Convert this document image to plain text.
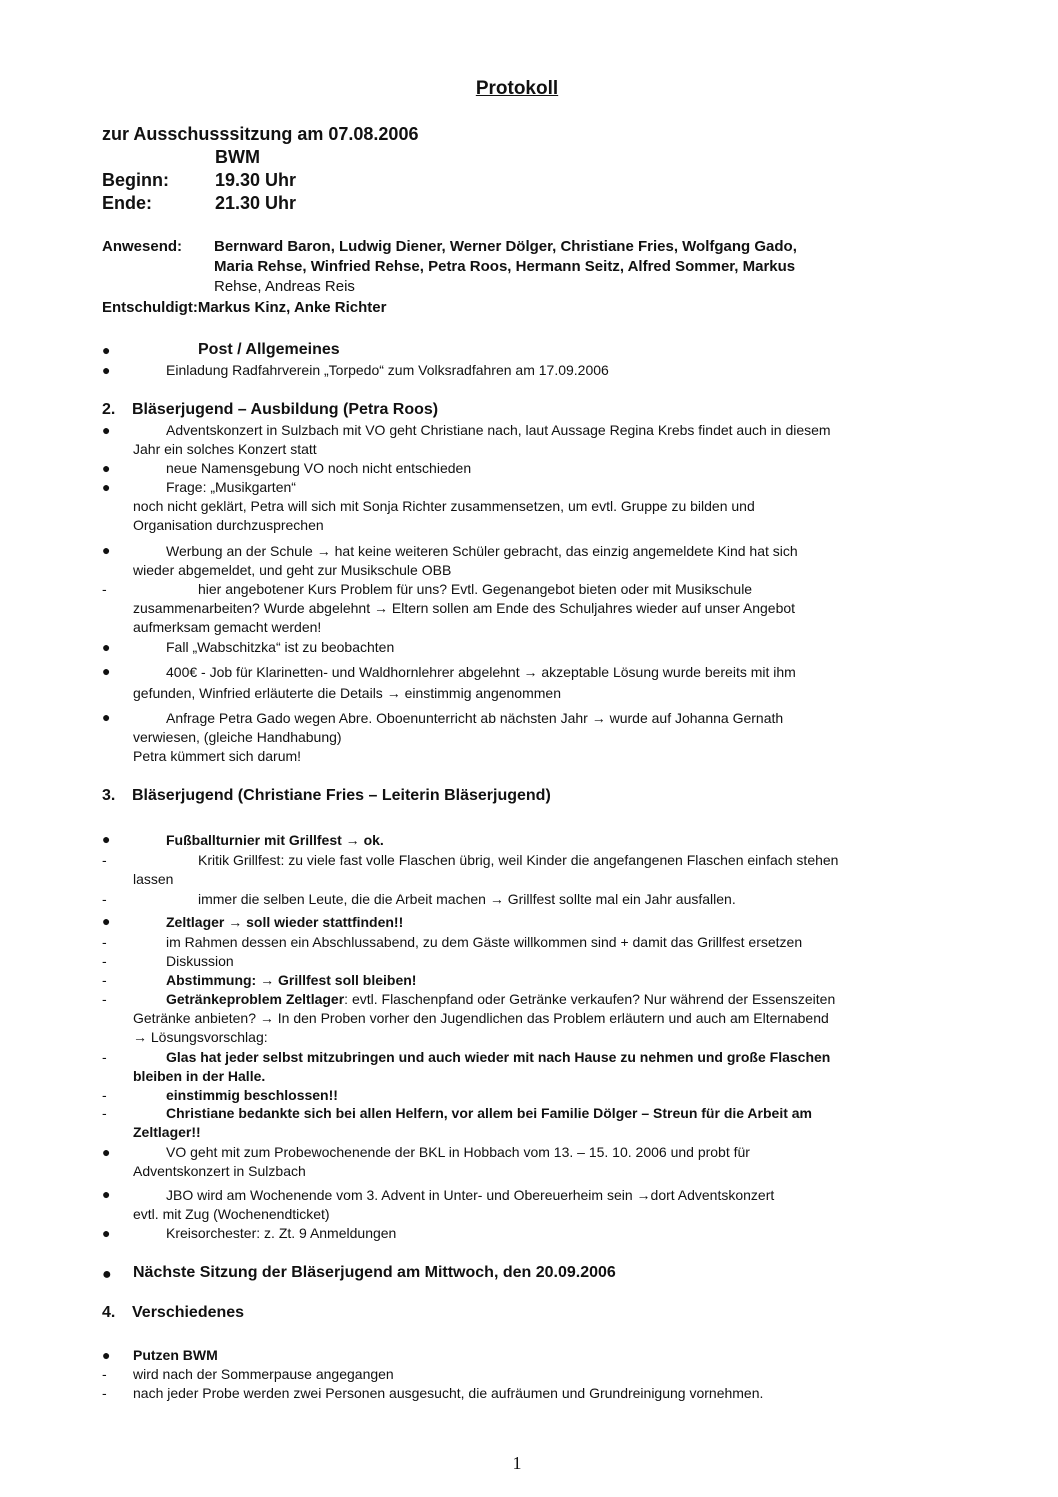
Protokoll
zur Ausschusssitzung am 07.08.2006
BWM
Beginn:	19.30 Uhr
Ende:	21.30 Uhr
Anwesend: Bernward Baron, Ludwig Diener, Werner Dölger, Christiane Fries, Wolfgang Gado,
Maria Rehse, Winfried Rehse, Petra Roos, Hermann Seitz, Alfred Sommer, Markus
Rehse, Andreas Reis
Entschuldigt:Markus Kinz, Anke Richter
●	Post / Allgemeines
●	Einladung Radfahrverein „Torpedo“ zum Volksradfahren am 17.09.2006
2. Bläserjugend – Ausbildung (Petra Roos)
●	Adventskonzert in Sulzbach mit VO geht Christiane nach, laut Aussage Regina Krebs findet auch in diesem
Jahr ein solches Konzert statt
●	neue Namensgebung VO noch nicht entschieden
●	Frage: „Musikgarten“
noch nicht geklärt, Petra will sich mit Sonja Richter zusammensetzen, um evtl. Gruppe zu bilden und
Organisation durchzusprechen
●	Werbung an der Schule → hat keine weiteren Schüler gebracht, das einzig angemeldete Kind hat sich
wieder abgemeldet, und geht zur Musikschule OBB
-	hier angebotener Kurs Problem für uns? Evtl. Gegenangebot bieten oder mit Musikschule
zusammenarbeiten? Wurde abgelehnt → Eltern sollen am Ende des Schuljahres wieder auf unser Angebot
aufmerksam gemacht werden!
●	Fall „Wabschitzka“ ist zu beobachten
●	400€ - Job für Klarinetten- und Waldhornlehrer abgelehnt → akzeptable Lösung wurde bereits mit ihm
gefunden, Winfried erläuterte die Details → einstimmig angenommen
●	Anfrage Petra Gado wegen Abre. Oboenunterricht ab nächsten Jahr → wurde auf Johanna Gernath
verwiesen, (gleiche Handhabung)
Petra kümmert sich darum!
3. Bläserjugend (Christiane Fries – Leiterin Bläserjugend)
●	Fußballturnier mit Grillfest → ok.
-	Kritik Grillfest: zu viele fast volle Flaschen übrig, weil Kinder die angefangenen Flaschen einfach stehen
lassen
-	immer die selben Leute, die die Arbeit machen → Grillfest sollte mal ein Jahr ausfallen.
●	Zeltlager → soll wieder stattfinden!!
-	im Rahmen dessen ein Abschlussabend, zu dem Gäste willkommen sind + damit das Grillfest ersetzen
-	Diskussion
-	Abstimmung: → Grillfest soll bleiben!
-	Getränkeproblem Zeltlager: evtl. Flaschenpfand oder Getränke verkaufen? Nur während der Essenszeiten
Getränke anbieten? → In den Proben vorher den Jugendlichen das Problem erläutern und auch am Elternabend
→ Lösungsvorschlag:
-	Glas hat jeder selbst mitzubringen und auch wieder mit nach Hause zu nehmen und große Flaschen
bleiben in der Halle.
-	einstimmig beschlossen!!
-	Christiane bedankte sich bei allen Helfern, vor allem bei Familie Dölger – Streun für die Arbeit am
Zeltlager!!
●	VO geht mit zum Probewochenende der BKL in Hobbach vom 13. – 15. 10. 2006 und probt für
Adventskonzert in Sulzbach
●	JBO wird am Wochenende vom 3. Advent in Unter- und Obereuerheim sein →dort Adventskonzert
evtl. mit Zug (Wochenendticket)
●	Kreisorchester: z. Zt. 9 Anmeldungen
● Nächste Sitzung der Bläserjugend am Mittwoch, den 20.09.2006
4. Verschiedenes
● Putzen BWM
- wird nach der Sommerpause angegangen
- nach jeder Probe werden zwei Personen ausgesucht, die aufräumen und Grundreinigung vornehmen.
1
